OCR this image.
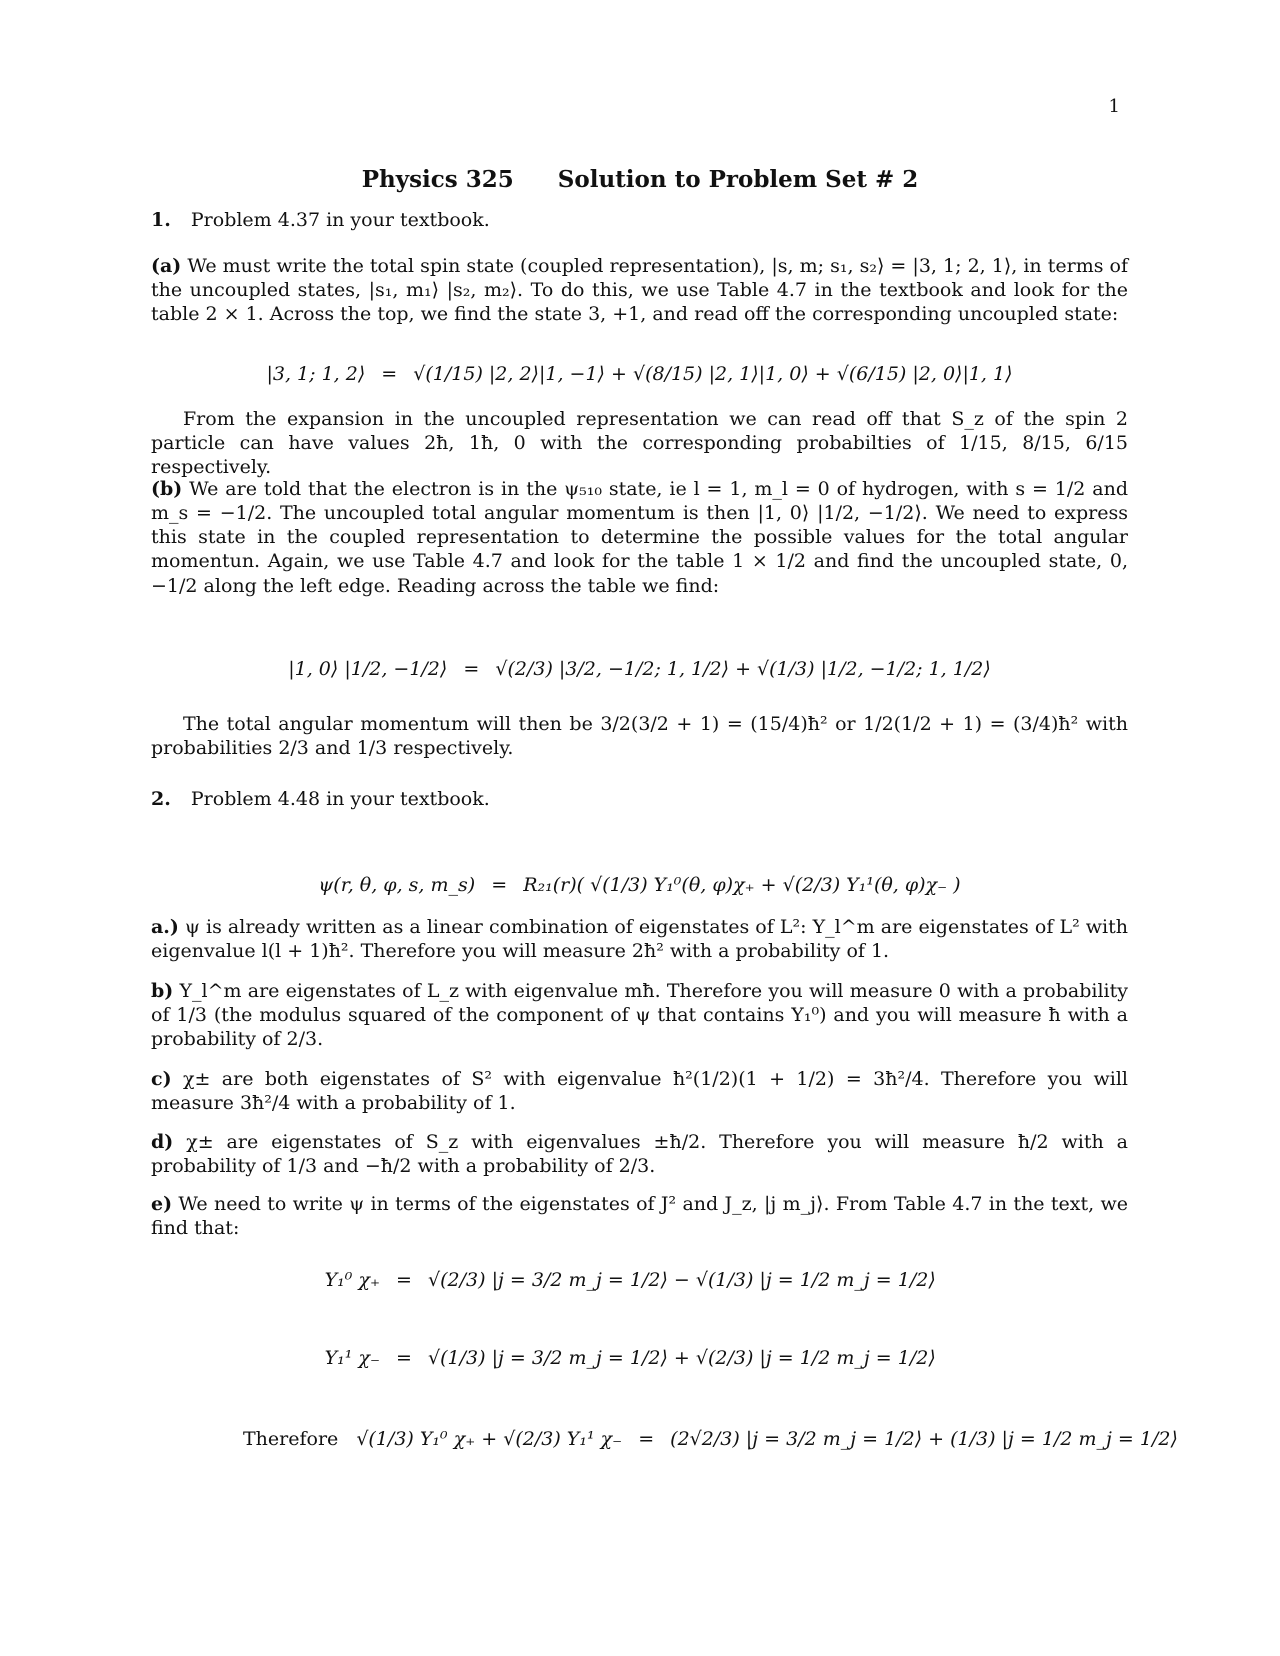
1
Physics 325 Solution to Problem Set # 2
1. Problem 4.37 in your textbook.
(a) We must write the total spin state (coupled representation), |s, m; s₁, s₂⟩ = |3, 1; 2, 1⟩, in terms of the uncoupled states, |s₁, m₁⟩ |s₂, m₂⟩. To do this, we use Table 4.7 in the textbook and look for the table 2 × 1. Across the top, we find the state 3, +1, and read off the corresponding uncoupled state:
|3, 1; 1, 2⟩ = √(1/15) |2, 2⟩|1, −1⟩ + √(8/15) |2, 1⟩|1, 0⟩ + √(6/15) |2, 0⟩|1, 1⟩
From the expansion in the uncoupled representation we can read off that S_z of the spin 2 particle can have values 2ħ, 1ħ, 0 with the corresponding probabilties of 1/15, 8/15, 6/15 respectively.
(b) We are told that the electron is in the ψ₅₁₀ state, ie l = 1, m_l = 0 of hydrogen, with s = 1/2 and m_s = −1/2. The uncoupled total angular momentum is then |1, 0⟩ |1/2, −1/2⟩. We need to express this state in the coupled representation to determine the possible values for the total angular momentun. Again, we use Table 4.7 and look for the table 1 × 1/2 and find the uncoupled state, 0, −1/2 along the left edge. Reading across the table we find:
|1, 0⟩ |1/2, −1/2⟩ = √(2/3) |3/2, −1/2; 1, 1/2⟩ + √(1/3) |1/2, −1/2; 1, 1/2⟩
The total angular momentum will then be 3/2(3/2 + 1) = (15/4)ħ² or 1/2(1/2 + 1) = (3/4)ħ² with probabilities 2/3 and 1/3 respectively.
2. Problem 4.48 in your textbook.
ψ(r, θ, φ, s, m_s) = R₂₁(r)( √(1/3) Y₁⁰(θ, φ)χ₊ + √(2/3) Y₁¹(θ, φ)χ₋ )
a.) ψ is already written as a linear combination of eigenstates of L²: Y_l^m are eigenstates of L² with eigenvalue l(l + 1)ħ². Therefore you will measure 2ħ² with a probability of 1.
b) Y_l^m are eigenstates of L_z with eigenvalue mħ. Therefore you will measure 0 with a probability of 1/3 (the modulus squared of the component of ψ that contains Y₁⁰) and you will measure ħ with a probability of 2/3.
c) χ± are both eigenstates of S² with eigenvalue ħ²(1/2)(1 + 1/2) = 3ħ²/4. Therefore you will measure 3ħ²/4 with a probability of 1.
d) χ± are eigenstates of S_z with eigenvalues ±ħ/2. Therefore you will measure ħ/2 with a probability of 1/3 and −ħ/2 with a probability of 2/3.
e) We need to write ψ in terms of the eigenstates of J² and J_z, |j m_j⟩. From Table 4.7 in the text, we find that:
Y₁⁰ χ₊ = √(2/3) |j = 3/2 m_j = 1/2⟩ − √(1/3) |j = 1/2 m_j = 1/2⟩
Y₁¹ χ₋ = √(1/3) |j = 3/2 m_j = 1/2⟩ + √(2/3) |j = 1/2 m_j = 1/2⟩
Therefore √(1/3) Y₁⁰ χ₊ + √(2/3) Y₁¹ χ₋ = (2√2/3) |j = 3/2 m_j = 1/2⟩ + (1/3) |j = 1/2 m_j = 1/2⟩
